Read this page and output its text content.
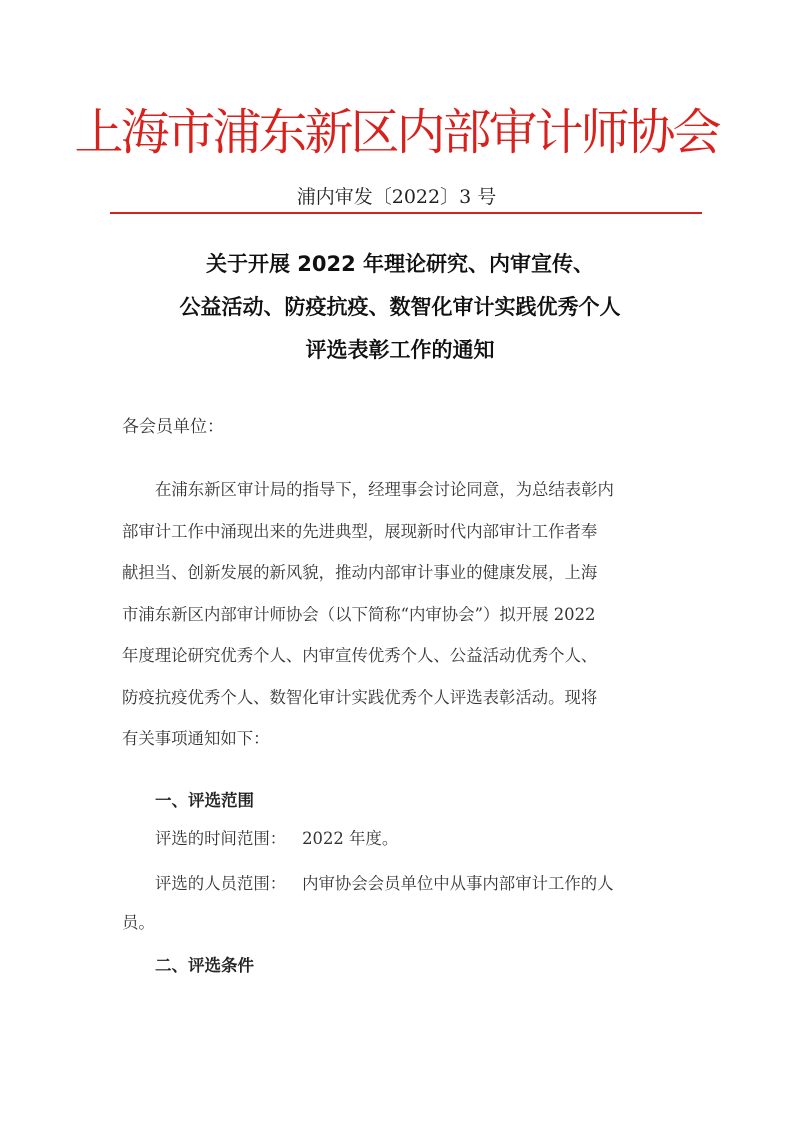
上海市浦东新区内部审计师协会
浦内审发〔2022〕3 号
关于开展 2022 年理论研究、内审宣传、
公益活动、防疫抗疫、数智化审计实践优秀个人
评选表彰工作的通知
各会员单位：
在浦东新区审计局的指导下，经理事会讨论同意，为总结表彰内
部审计工作中涌现出来的先进典型，展现新时代内部审计工作者奉
献担当、创新发展的新风貌，推动内部审计事业的健康发展，上海
市浦东新区内部审计师协会（以下简称“内审协会”）拟开展 2022
年度理论研究优秀个人、内审宣传优秀个人、公益活动优秀个人、
防疫抗疫优秀个人、数智化审计实践优秀个人评选表彰活动。现将
有关事项通知如下：
一、评选范围
评选的时间范围： 2022 年度。
评选的人员范围： 内审协会会员单位中从事内部审计工作的人
员。
二、评选条件
